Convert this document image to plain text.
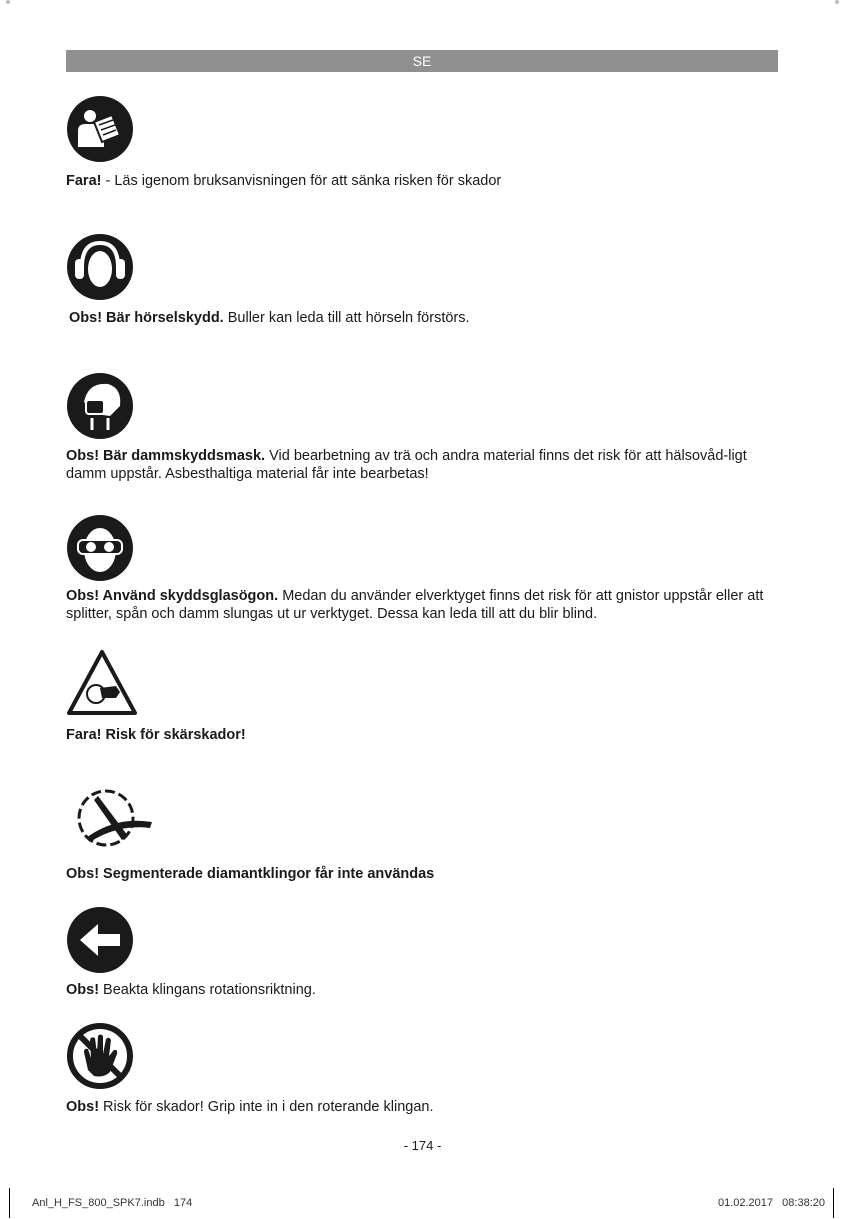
SE
Fara! - Läs igenom bruksanvisningen för att sänka risken för skador
Obs! Bär hörselskydd. Buller kan leda till att hörseln förstörs.
Obs! Bär dammskyddsmask. Vid bearbetning av trä och andra material finns det risk för att hälsovåd-ligt damm uppstår. Asbesthaltiga material får inte bearbetas!
Obs! Använd skyddsglasögon. Medan du använder elverktyget finns det risk för att gnistor uppstår eller att splitter, spån och damm slungas ut ur verktyget. Dessa kan leda till att du blir blind.
Fara! Risk för skärskador!
Obs! Segmenterade diamantklingor får inte användas
Obs! Beakta klingans rotationsriktning.
Obs! Risk för skador! Grip inte in i den roterande klingan.
- 174 -
Anl_H_FS_800_SPK7.indb   174	01.02.2017   08:38:20
